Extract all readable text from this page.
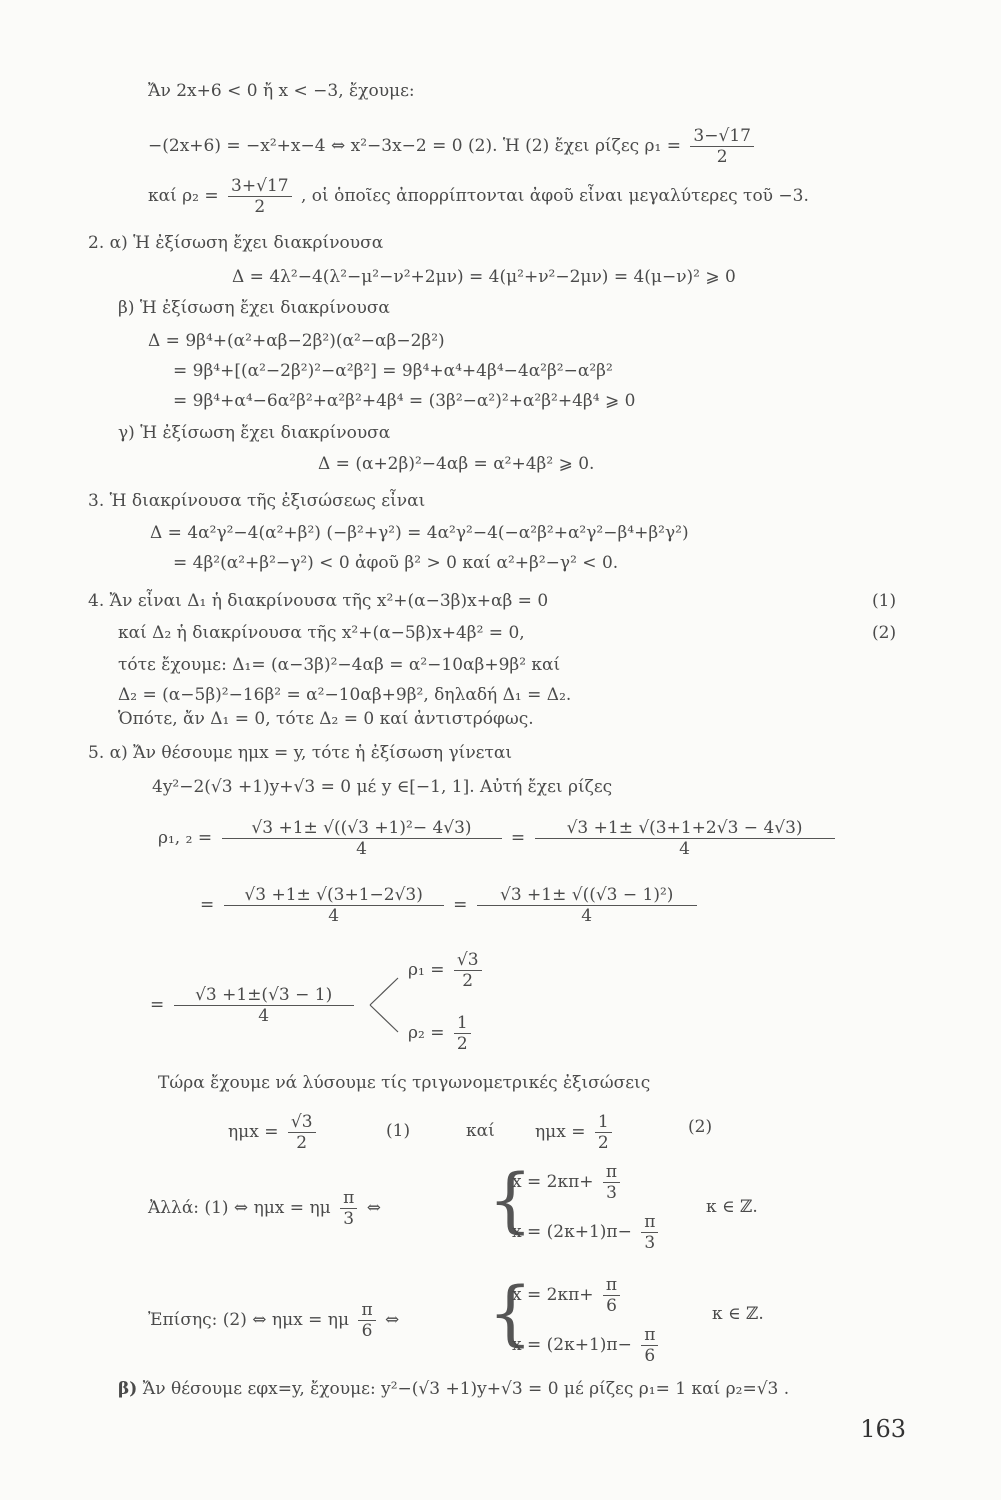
Ἄν 2x+6 < 0 ἤ x < −3, ἔχουμε:
−(2x+6) = −x²+x−4 ⇔ x²−3x−2 = 0 (2). Ἡ (2) ἔχει ρίζες $\rho_1 = \frac{3-√17}{2}$
καί $\rho_2 = \frac{3+√17}{2}$ , οἱ ὁποῖες ἀπορρίπτονται ἀφοῦ εἶναι μεγαλύτερες τοῦ −3.
2. α) Ἡ ἐξίσωση ἔχει διακρίνουσα
Δ = 4λ²−4(λ²−μ²−ν²+2μν) = 4(μ²+ν²−2μν) = 4(μ−ν)² ⩾ 0
β) Ἡ ἐξίσωση ἔχει διακρίνουσα
Δ = 9β⁴+(α²+αβ−2β²)(α²−αβ−2β²)
= 9β⁴+[(α²−2β²)²−α²β²] = 9β⁴+α⁴+4β⁴−4α²β²−α²β²
= 9β⁴+α⁴−6α²β²+α²β²+4β⁴ = (3β²−α²)²+α²β²+4β⁴ ⩾ 0
γ) Ἡ ἐξίσωση ἔχει διακρίνουσα
Δ = (α+2β)²−4αβ = α²+4β² ⩾ 0.
3. Ἡ διακρίνουσα τῆς ἐξισώσεως εἶναι
Δ = 4α²γ²−4(α²+β²) (−β²+γ²) = 4α²γ²−4(−α²β²+α²γ²−β⁴+β²γ²)
= 4β²(α²+β²−γ²) < 0 ἀφοῦ β² > 0 καί α²+β²−γ² < 0.
4. Ἄν εἶναι Δ₁ ἡ διακρίνουσα τῆς x²+(α−3β)x+αβ = 0	(1)
καί Δ₂ ἡ διακρίνουσα τῆς x²+(α−5β)x+4β² = 0,	(2)
τότε ἔχουμε: Δ₁= (α−3β)²−4αβ = α²−10αβ+9β² καί
Δ₂ = (α−5β)²−16β² = α²−10αβ+9β², δηλαδή Δ₁ = Δ₂.
Ὁπότε, ἄν Δ₁ = 0, τότε Δ₂ = 0 καί ἀντιστρόφως.
5. α) Ἄν θέσουμε ημx = y, τότε ἡ ἐξίσωση γίνεται
4y²−2(√3 +1)y+√3 = 0 μέ y ∈[−1, 1]. Αὐτή ἔχει ρίζες
ρ₁, $_2 = \frac{\text{√3 +1± √((√3 +1)²− 4√3)}}{4} = \frac{√3 +1\pm √(3+1+2√3 - 4√3)}{4}$
= $\frac{√3 +1\pm √(3+1-2√3)}{4} = \frac{\text{√3 +1± √((√3 − 1)²)}}{4}$
= $\frac{√3 +1\pm(√3 - 1)}{4}$
$\rho_1 = \frac{√3}{2}$
$\rho_2 = \frac{1}{2}$
Τώρα ἔχουμε νά λύσουμε τίς τριγωνομετρικές ἐξισώσεις
$\eta\mu x = \frac{√3}{2}$	(1)	καί $\eta\mu x = \frac{1}{2}$	(2)
Ἀλλά: (1) ⇔ ημx = ημ $\frac{\pi}{3}$ ⇔ {
$x = 2\kappa\pi+ \frac{\pi}{3}$
$x = (2\kappa+1)\pi- \frac{\pi}{3}$
κ ∈ ℤ.
Ἐπίσης: (2) ⇔ ημx = ημ $\frac{\pi}{6}$ ⇔ {
$x = 2\kappa\pi+ \frac{\pi}{6}$
$x = (2\kappa+1)\pi- \frac{\pi}{6}$
κ ∈ ℤ.
β) Ἄν θέσουμε εφx=y, ἔχουμε: y²−(√3 +1)y+√3 = 0 μέ ρίζες ρ₁= 1 καί ρ₂=√3 .
163
